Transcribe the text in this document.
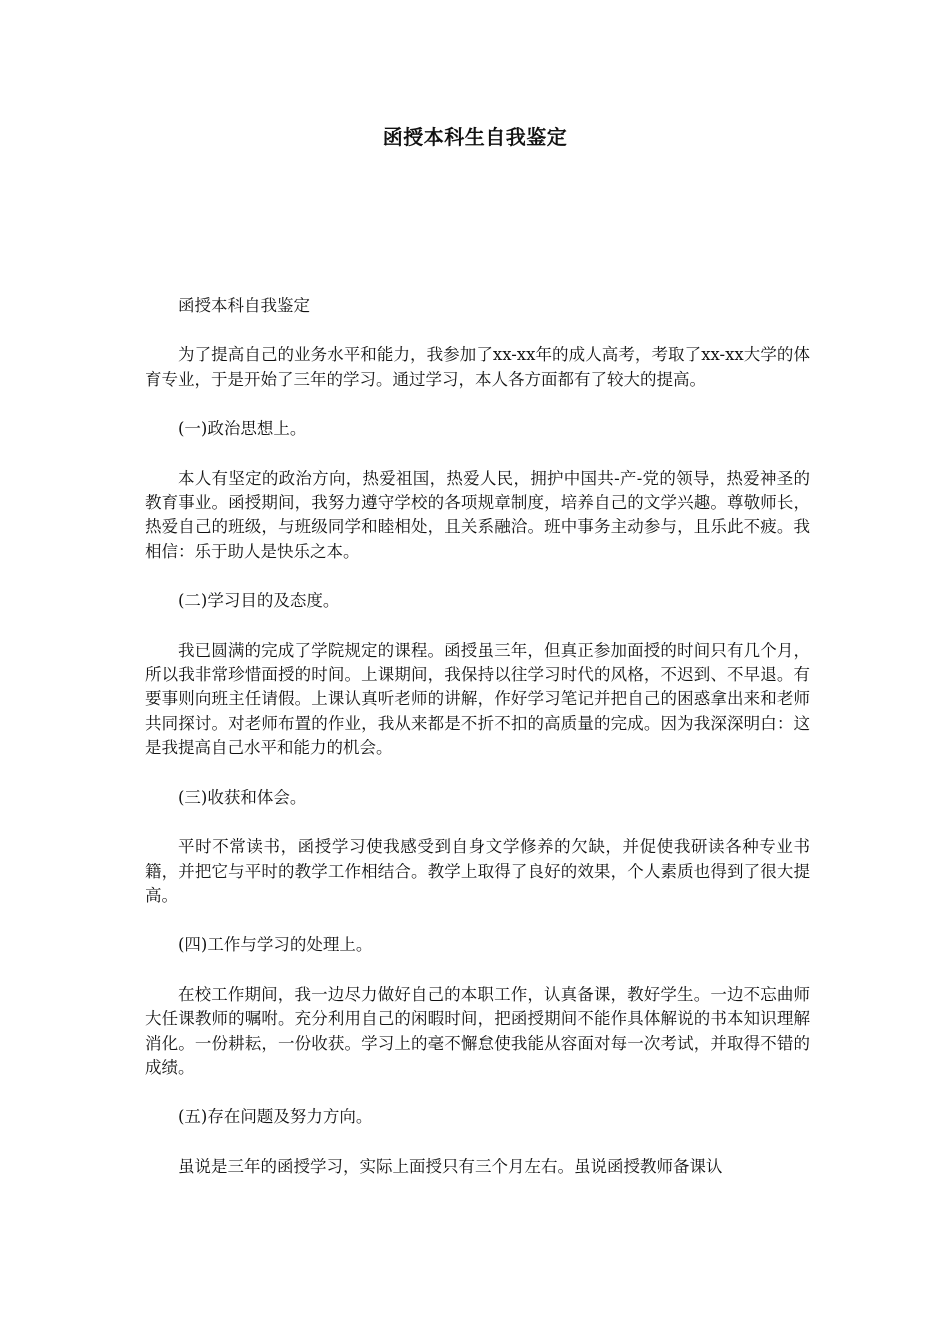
函授本科生自我鉴定

函授本科自我鉴定

为了提高自己的业务水平和能力，我参加了xx-xx年的成人高考，考取了xx-xx大学的体育专业，于是开始了三年的学习。通过学习，本人各方面都有了较大的提高。

(一)政治思想上。

本人有坚定的政治方向，热爱祖国，热爱人民，拥护中国共-产-党的领导，热爱神圣的教育事业。函授期间，我努力遵守学校的各项规章制度，培养自己的文学兴趣。尊敬师长，热爱自己的班级，与班级同学和睦相处，且关系融洽。班中事务主动参与，且乐此不疲。我相信：乐于助人是快乐之本。

(二)学习目的及态度。

我已圆满的完成了学院规定的课程。函授虽三年，但真正参加面授的时间只有几个月，所以我非常珍惜面授的时间。上课期间，我保持以往学习时代的风格，不迟到、不早退。有要事则向班主任请假。上课认真听老师的讲解，作好学习笔记并把自己的困惑拿出来和老师共同探讨。对老师布置的作业，我从来都是不折不扣的高质量的完成。因为我深深明白：这是我提高自己水平和能力的机会。

(三)收获和体会。

平时不常读书，函授学习使我感受到自身文学修养的欠缺，并促使我研读各种专业书籍，并把它与平时的教学工作相结合。教学上取得了良好的效果，个人素质也得到了很大提高。

(四)工作与学习的处理上。

在校工作期间，我一边尽力做好自己的本职工作，认真备课，教好学生。一边不忘曲师大任课教师的嘱咐。充分利用自己的闲暇时间，把函授期间不能作具体解说的书本知识理解消化。一份耕耘，一份收获。学习上的毫不懈怠使我能从容面对每一次考试，并取得不错的成绩。

(五)存在问题及努力方向。

虽说是三年的函授学习，实际上面授只有三个月左右。虽说函授教师备课认
